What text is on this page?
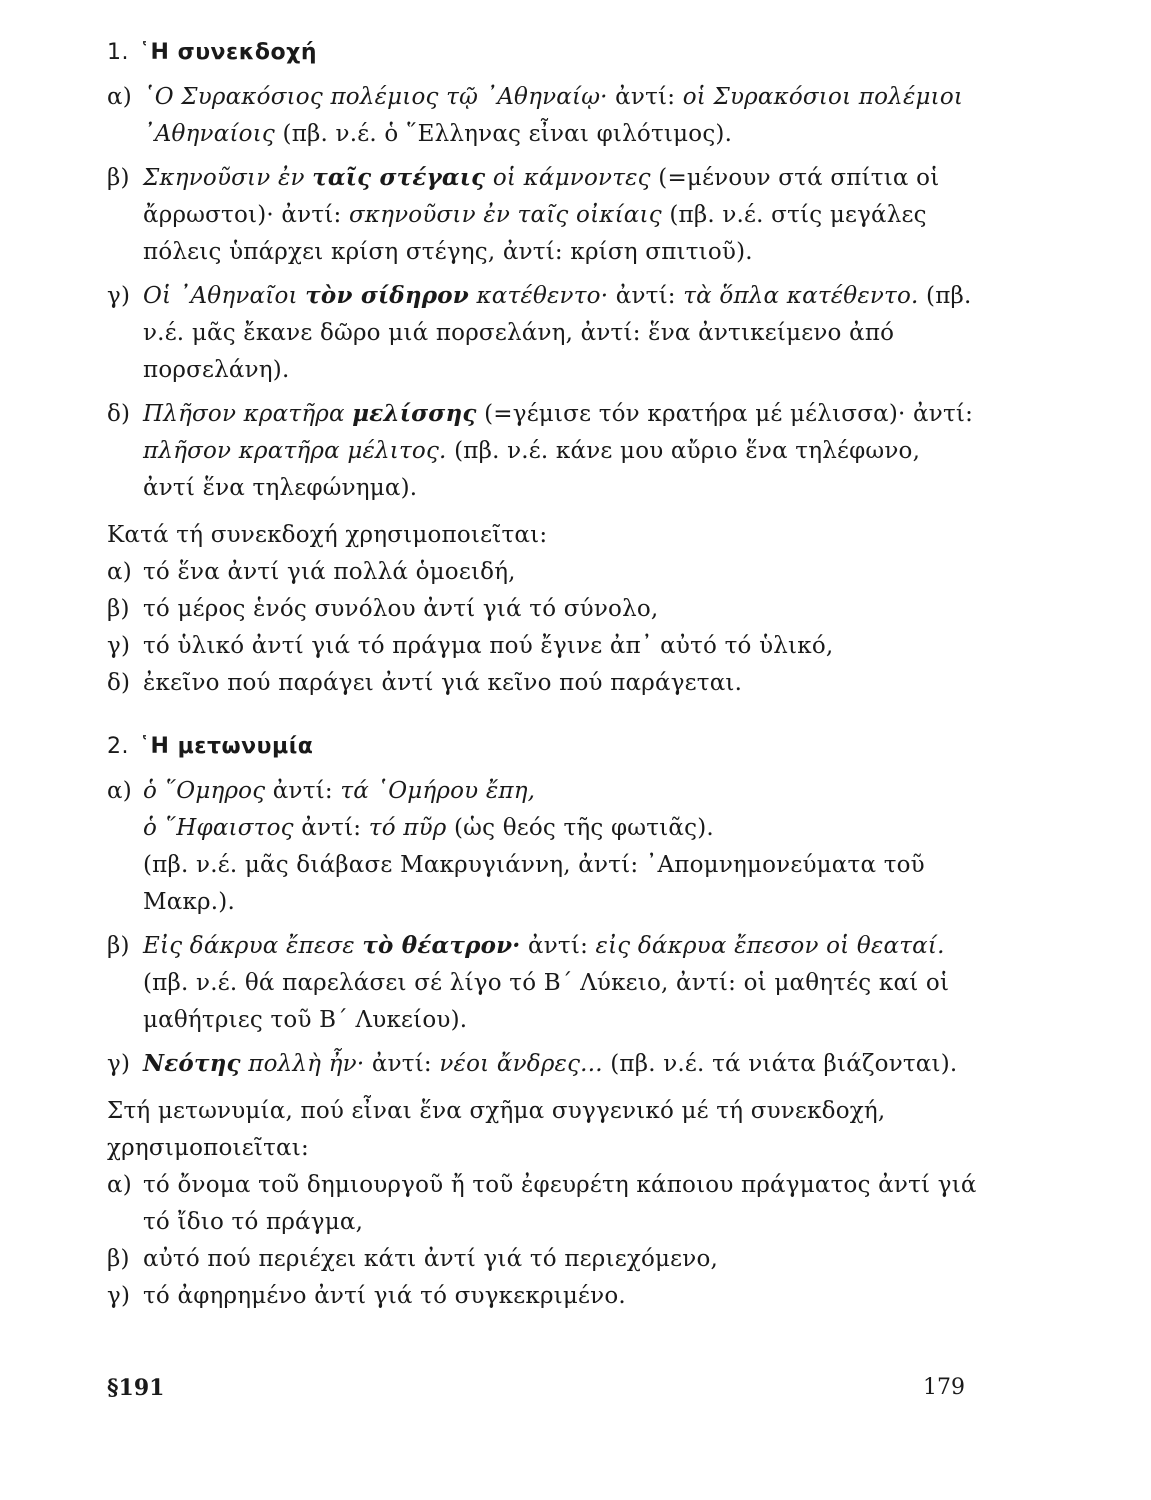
1. ῾Η συνεκδοχή
α) ῾Ο Συρακόσιος πολέμιος τῷ ᾿Αθηναίῳ· ἀντί: οἱ Συρακόσιοι πολέμιοι ᾿Αθηναίοις (πβ. ν.έ. ὁ ῞Ελληνας εἶναι φιλότιμος).
β) Σκηνοῦσιν ἐν ταῖς στέγαις οἱ κάμνοντες (=μένουν στά σπίτια οἱ ἄρρωστοι)· ἀντί: σκηνοῦσιν ἐν ταῖς οἰκίαις (πβ. ν.έ. στίς μεγάλες πόλεις ὑπάρχει κρίση στέγης, ἀντί: κρίση σπιτιοῦ).
γ) Οἱ ᾿Αθηναῖοι τὸν σίδηρον κατέθεντο· ἀντί: τὰ ὅπλα κατέθεντο. (πβ. ν.έ. μᾶς ἔκανε δῶρο μιά πορσελάνη, ἀντί: ἕνα ἀντικείμενο ἀπό πορσελάνη).
δ) Πλῆσον κρατῆρα μελίσσης (=γέμισε τόν κρατήρα μέ μέλισσα)· ἀντί: πλῆσον κρατῆρα μέλιτος. (πβ. ν.έ. κάνε μου αὔριο ἕνα τηλέφωνο, ἀντί ἕνα τηλεφώνημα).
Κατά τή συνεκδοχή χρησιμοποιεῖται:
α) τό ἕνα ἀντί γιά πολλά ὁμοειδή,
β) τό μέρος ἑνός συνόλου ἀντί γιά τό σύνολο,
γ) τό ὑλικό ἀντί γιά τό πράγμα πού ἔγινε ἀπ᾿ αὐτό τό ὑλικό,
δ) ἐκεῖνο πού παράγει ἀντί γιά κεῖνο πού παράγεται.
2. ῾Η μετωνυμία
α) ὁ ῞Ομηρος ἀντί: τά ῾Ομήρου ἔπη,
ὁ ῞Ηφαιστος ἀντί: τό πῦρ (ὡς θεός τῆς φωτιᾶς).
(πβ. ν.έ. μᾶς διάβασε Μακρυγιάννη, ἀντί: ᾿Απομνημονεύματα τοῦ Μακρ.).
β) Εἰς δάκρυα ἔπεσε τὸ θέατρον· ἀντί: εἰς δάκρυα ἔπεσον οἱ θεαταί. (πβ. ν.έ. θά παρελάσει σέ λίγο τό Β΄ Λύκειο, ἀντί: οἱ μαθητές καί οἱ μαθήτριες τοῦ Β΄ Λυκείου).
γ) Νεότης πολλὴ ἦν· ἀντί: νέοι ἄνδρες... (πβ. ν.έ. τά νιάτα βιάζονται).
Στή μετωνυμία, πού εἶναι ἕνα σχῆμα συγγενικό μέ τή συνεκδοχή, χρησιμοποιεῖται:
α) τό ὄνομα τοῦ δημιουργοῦ ἤ τοῦ ἐφευρέτη κάποιου πράγματος ἀντί γιά τό ἴδιο τό πράγμα,
β) αὐτό πού περιέχει κάτι ἀντί γιά τό περιεχόμενο,
γ) τό ἀφηρημένο ἀντί γιά τό συγκεκριμένο.
§191	179
